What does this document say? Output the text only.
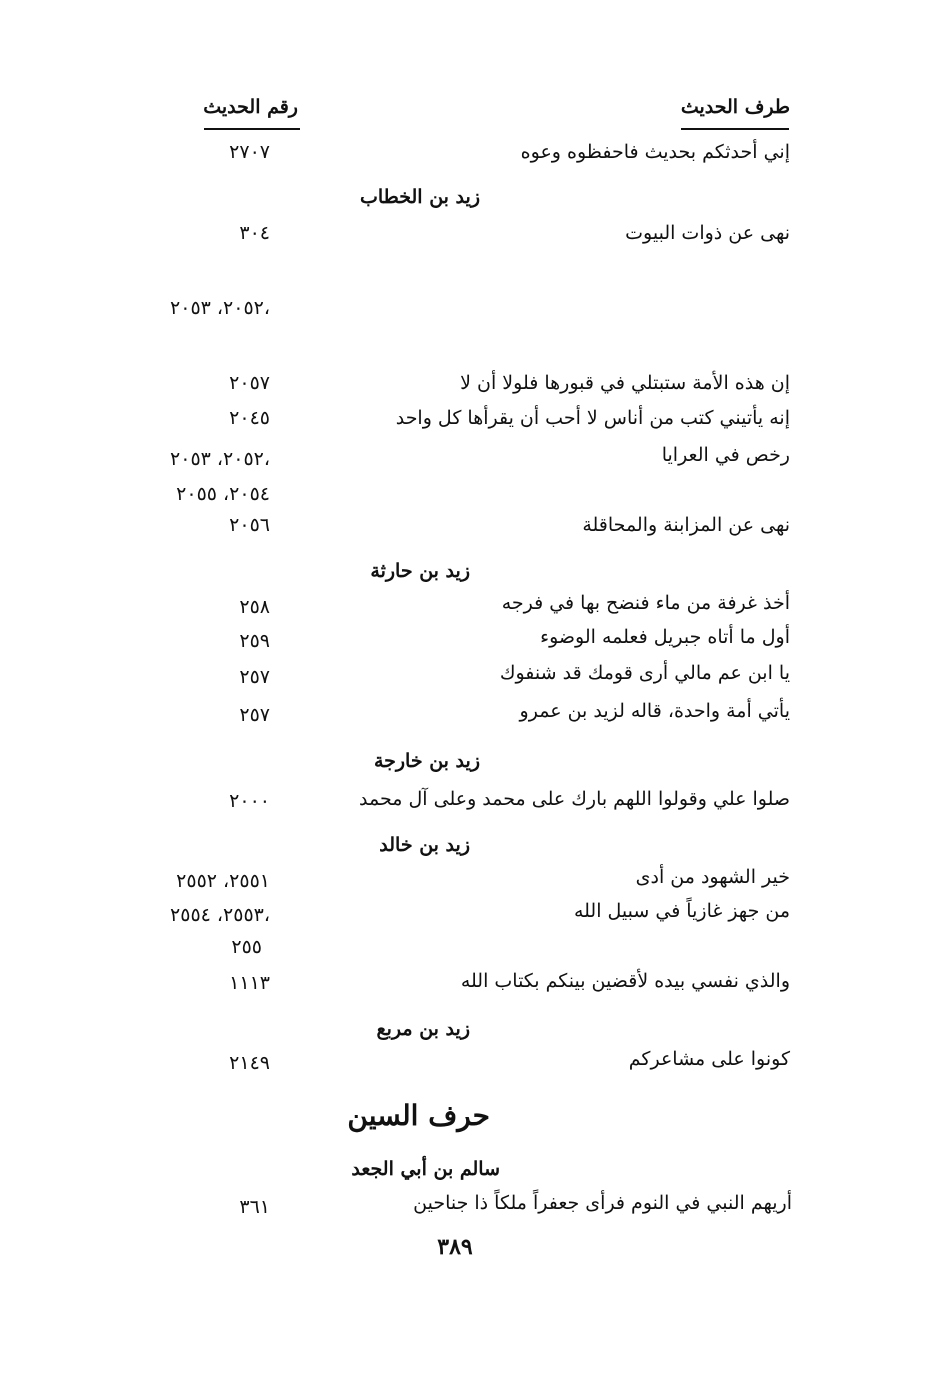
رقم الحديث	طرف الحديث
إني أحدثكم بحديث فاحفظوه وعوه
٢٧٠٧
زيد بن الخطاب
نهى عن ذوات البيوت
٣٠٤
٢٠٥٢، ٢٠٥٣،
إن هذه الأمة ستبتلي في قبورها فلولا أن لا
٢٠٥٧
إنه يأتيني كتب من أناس لا أحب أن يقرأها كل واحد
٢٠٤٥
رخص في العرايا
٢٠٥٢، ٢٠٥٣،
٢٠٥٤، ٢٠٥٥
نهى عن المزابنة والمحاقلة
٢٠٥٦
زيد بن حارثة
أخذ غرفة من ماء فنضح بها في فرجه
٢٥٨
أول ما أتاه جبريل فعلمه الوضوء
٢٥٩
يا ابن عم مالي أرى قومك قد شنفوك
٢٥٧
يأتي أمة واحدة، قاله لزيد بن عمرو
٢٥٧
زيد بن خارجة
صلوا علي وقولوا اللهم بارك على محمد وعلى آل محمد
٢٠٠٠
زيد بن خالد
خير الشهود من أدى
٢٥٥١، ٢٥٥٢
من جهز غازياً في سبيل الله
٢٥٥٣، ٢٥٥٤،
٢٥٥
والذي نفسي بيده لأقضين بينكم بكتاب الله
١١١٣
زيد بن مربع
كونوا على مشاعركم
٢١٤٩
حرف السين
سالم بن أبي الجعد
أريهم النبي في النوم فرأى جعفراً ملكاً ذا جناحين
٣٦١
٣٨٩
